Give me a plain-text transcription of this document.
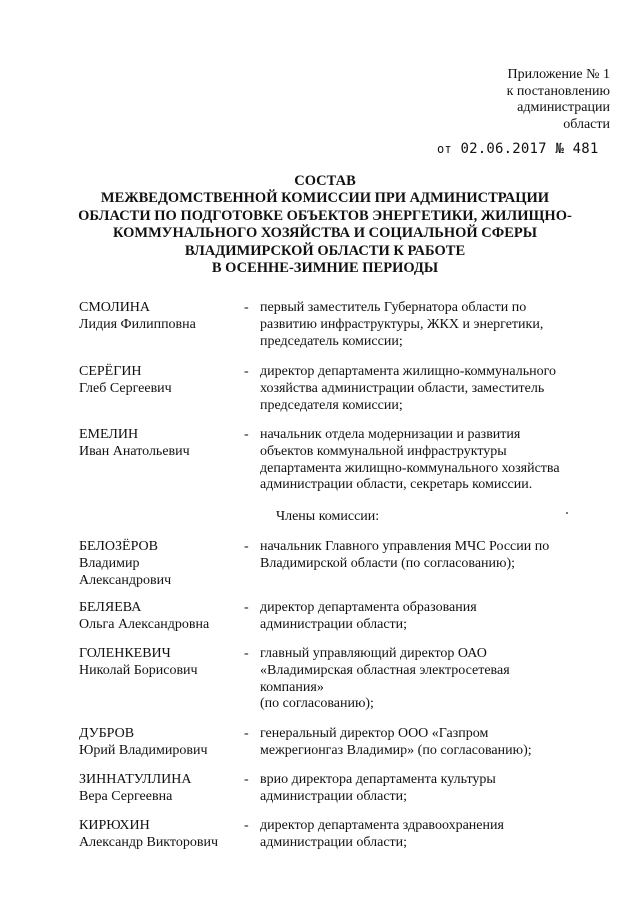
Приложение № 1
к постановлению
администрации
области
от 02.06.2017 № 481
СОСТАВ
МЕЖВЕДОМСТВЕННОЙ КОМИССИИ ПРИ АДМИНИСТРАЦИИ
ОБЛАСТИ ПО ПОДГОТОВКЕ ОБЪЕКТОВ ЭНЕРГЕТИКИ, ЖИЛИЩНО-
КОММУНАЛЬНОГО ХОЗЯЙСТВА И СОЦИАЛЬНОЙ СФЕРЫ
ВЛАДИМИРСКОЙ ОБЛАСТИ К РАБОТЕ
В ОСЕННЕ-ЗИМНИЕ ПЕРИОДЫ
СМОЛИНА
Лидия Филипповна
- первый заместитель Губернатора области по
развитию инфраструктуры, ЖКХ и энергетики,
председатель комиссии;
СЕРЁГИН
Глеб Сергеевич
- директор департамента жилищно-коммунального
хозяйства администрации области, заместитель
председателя комиссии;
ЕМЕЛИН
Иван Анатольевич
- начальник отдела модернизации и развития
объектов коммунальной инфраструктуры
департамента жилищно-коммунального хозяйства
администрации области, секретарь комиссии.
Члены комиссии:
БЕЛОЗЁРОВ
Владимир
Александрович
- начальник Главного управления МЧС России по
Владимирской области (по согласованию);
БЕЛЯЕВА
Ольга Александровна
- директор департамента образования
администрации области;
ГОЛЕНКЕВИЧ
Николай Борисович
- главный управляющий директор ОАО
«Владимирская областная электросетевая
компания»
(по согласованию);
ДУБРОВ
Юрий Владимирович
- генеральный директор ООО «Газпром
межрегионгаз Владимир» (по согласованию);
ЗИННАТУЛЛИНА
Вера Сергеевна
- врио директора департамента культуры
администрации области;
КИРЮХИН
Александр Викторович
- директор департамента здравоохранения
администрации области;
